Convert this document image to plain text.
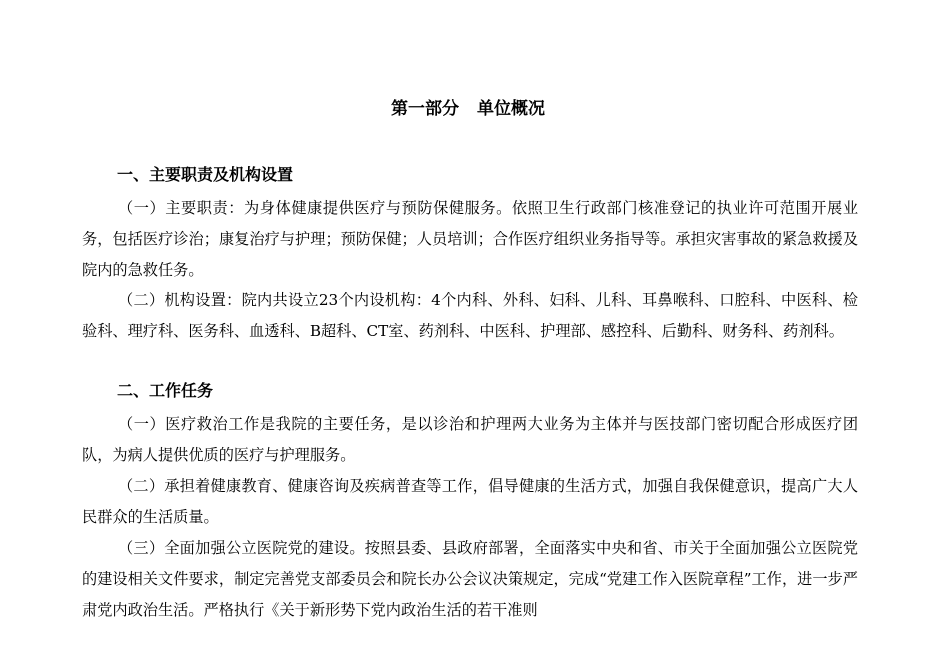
第一部分 单位概况
一、主要职责及机构设置
（一）主要职责：为身体健康提供医疗与预防保健服务。依照卫生行政部门核准登记的执业许可范围开展业务，包括医疗诊治；康复治疗与护理；预防保健；人员培训；合作医疗组织业务指导等。承担灾害事故的紧急救援及院内的急救任务。
（二）机构设置：院内共设立23个内设机构：4个内科、外科、妇科、儿科、耳鼻喉科、口腔科、中医科、检验科、理疗科、医务科、血透科、B超科、CT室、药剂科、中医科、护理部、感控科、后勤科、财务科、药剂科。
二、工作任务
（一）医疗救治工作是我院的主要任务，是以诊治和护理两大业务为主体并与医技部门密切配合形成医疗团队，为病人提供优质的医疗与护理服务。
（二）承担着健康教育、健康咨询及疾病普查等工作，倡导健康的生活方式，加强自我保健意识，提高广大人民群众的生活质量。
（三）全面加强公立医院党的建设。按照县委、县政府部署，全面落实中央和省、市关于全面加强公立医院党的建设相关文件要求，制定完善党支部委员会和院长办公会议决策规定，完成“党建工作入医院章程”工作，进一步严肃党内政治生活。严格执行《关于新形势下党内政治生活的若干准则
